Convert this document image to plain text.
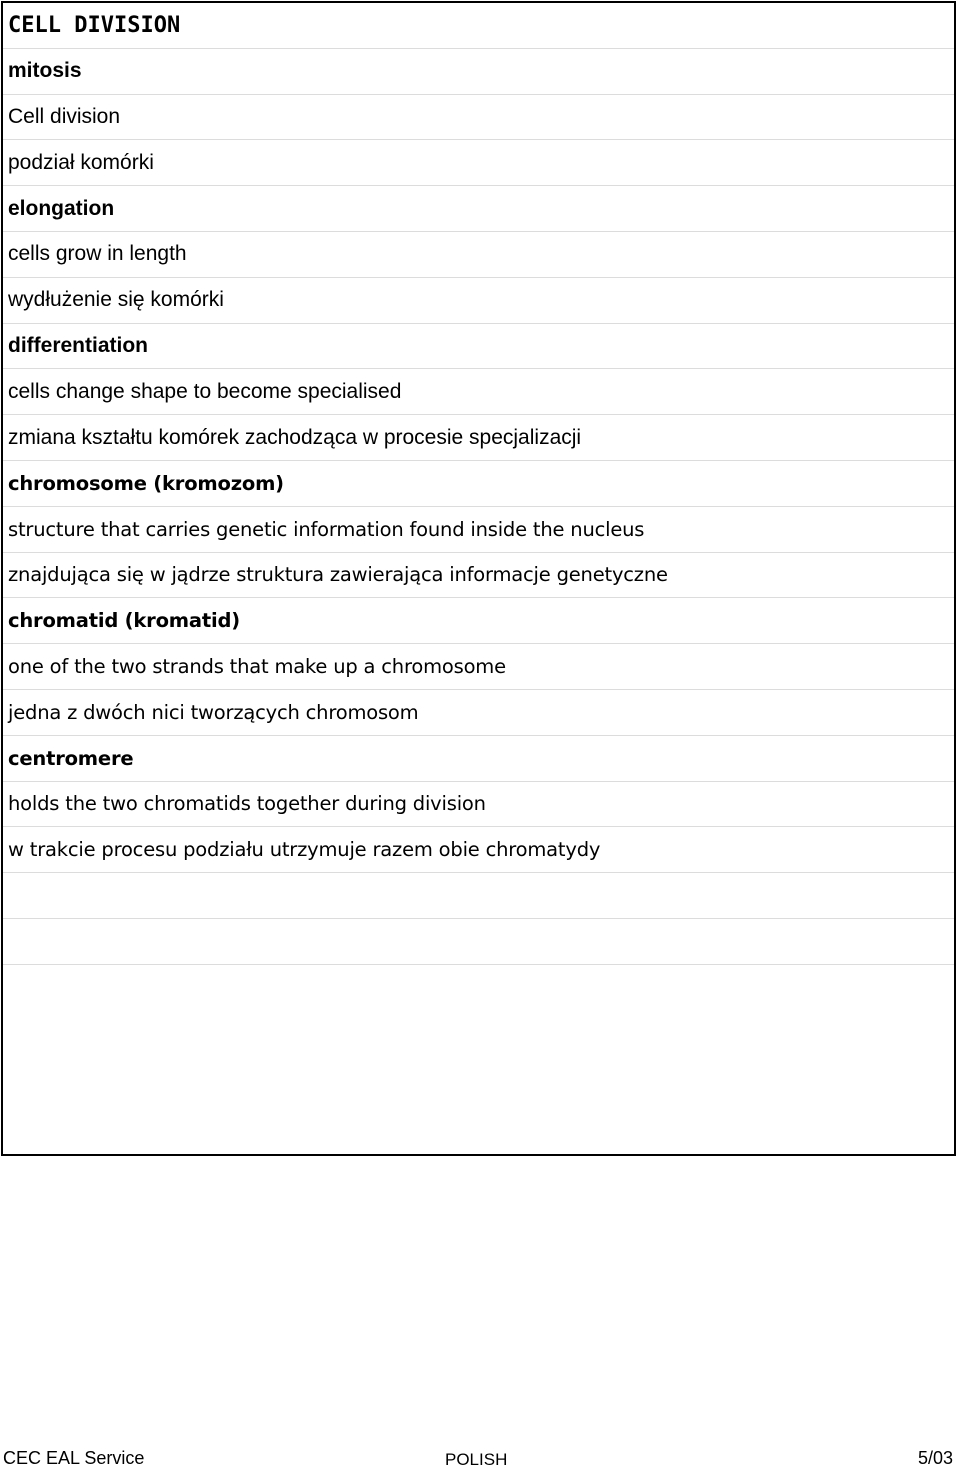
CELL DIVISION
mitosis
Cell division
podział komórki
elongation
cells grow in length
wydłużenie się komórki
differentiation
cells change shape to become specialised
zmiana kształtu komórek zachodząca w procesie specjalizacji
chromosome (kromozom)
structure that carries genetic information found inside the nucleus
znajdująca się w jądrze struktura zawierająca informacje genetyczne
chromatid (kromatid)
one of the two strands that make up a chromosome
jedna z dwóch nici tworzących chromosom
centromere
holds the two chromatids together during division
w trakcie procesu podziału utrzymuje razem obie chromatydy
CEC EAL Service	POLISH	5/03
